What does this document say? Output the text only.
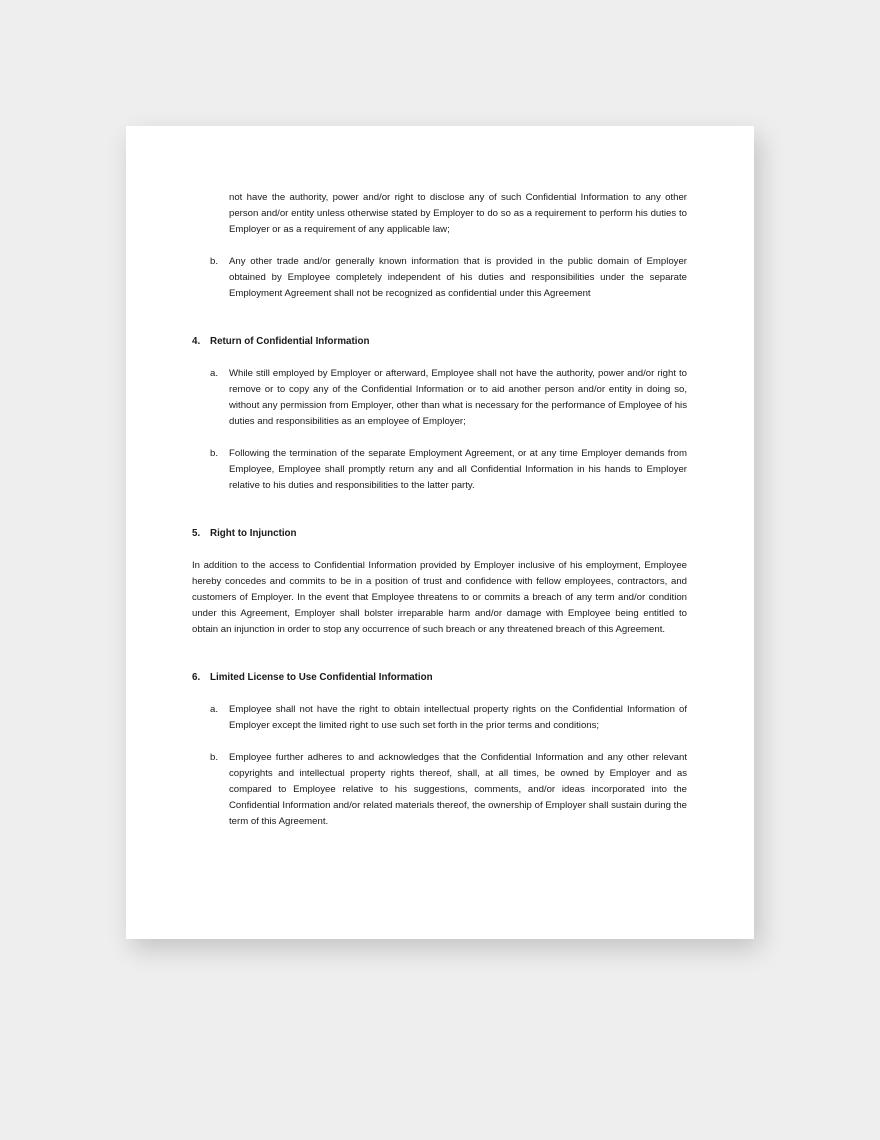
not have the authority, power and/or right to disclose any of such Confidential Information to any other person and/or entity unless otherwise stated by Employer to do so as a requirement to perform his duties to Employer or as a requirement of any applicable law;
b. Any other trade and/or generally known information that is provided in the public domain of Employer obtained by Employee completely independent of his duties and responsibilities under the separate Employment Agreement shall not be recognized as confidential under this Agreement
4. Return of Confidential Information
a. While still employed by Employer or afterward, Employee shall not have the authority, power and/or right to remove or to copy any of the Confidential Information or to aid another person and/or entity in doing so, without any permission from Employer, other than what is necessary for the performance of Employee of his duties and responsibilities as an employee of Employer;
b. Following the termination of the separate Employment Agreement, or at any time Employer demands from Employee, Employee shall promptly return any and all Confidential Information in his hands to Employer relative to his duties and responsibilities to the latter party.
5. Right to Injunction
In addition to the access to Confidential Information provided by Employer inclusive of his employment, Employee hereby concedes and commits to be in a position of trust and confidence with fellow employees, contractors, and customers of Employer. In the event that Employee threatens to or commits a breach of any term and/or condition under this Agreement, Employer shall bolster irreparable harm and/or damage with Employee being entitled to obtain an injunction in order to stop any occurrence of such breach or any threatened breach of this Agreement.
6. Limited License to Use Confidential Information
a. Employee shall not have the right to obtain intellectual property rights on the Confidential Information of Employer except the limited right to use such set forth in the prior terms and conditions;
b. Employee further adheres to and acknowledges that the Confidential Information and any other relevant copyrights and intellectual property rights thereof, shall, at all times, be owned by Employer and as compared to Employee relative to his suggestions, comments, and/or ideas incorporated into the Confidential Information and/or related materials thereof, the ownership of Employer shall sustain during the term of this Agreement.
